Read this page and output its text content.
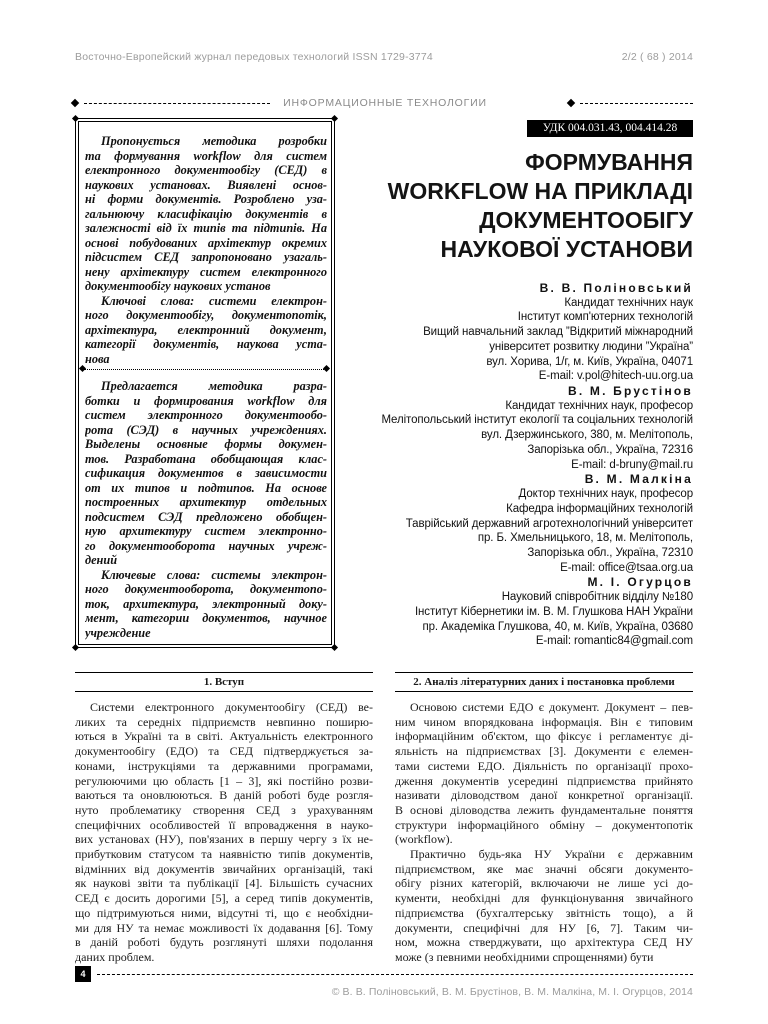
Восточно-Европейский журнал передовых технологий ISSN 1729-3774	2/2 ( 68 ) 2014
ИНФОРМАЦИОННЫЕ ТЕХНОЛОГИИ
Пропонується методика розробки
та формування workflow для систем
електронного документообігу (СЕД) в
наукових установах. Виявлені основ-
ні форми документів. Розроблено уза-
гальнюючу класифікацію документів в
залежності від їх типів та підтипів. На
основі побудованих архітектур окремих
підсистем СЕД запропоновано узагаль-
нену архітектуру систем електронного
документообігу наукових установ
Ключові слова: системи електрон-
ного документообігу, документопотік,
архітектура, електронний документ,
категорії документів, наукова уста-
нова
Предлагается методика разра-
ботки и формирования workflow для
систем электронного документообо-
рота (СЭД) в научных учреждениях.
Выделены основные формы докумен-
тов. Разработана обобщающая клас-
сификация документов в зависимости
от их типов и подтипов. На основе
построенных архитектур отдельных
подсистем СЭД предложено обобщен-
ную архитектуру систем электронно-
го документооборота научных учреж-
дений
Ключевые слова: системы электрон-
ного документооборота, документопо-
ток, архитектура, электронный доку-
мент, категории документов, научное
учреждение
УДК 004.031.43, 004.414.28
ФОРМУВАННЯ
WORKFLOW НА ПРИКЛАДІ
ДОКУМЕНТООБІГУ
НАУКОВОЇ УСТАНОВИ
В. В. Поліновський
Кандидат технічних наук
Інститут комп'ютерних технологій
Вищий навчальний заклад ”Відкритий міжнародний
університет розвитку людини ”Україна”
вул. Хорива, 1/г, м. Київ, Україна, 04071
E-mail: v.pol@hitech-uu.org.ua
В. М. Брустінов
Кандидат технічних наук, професор
Мелітопольський інститут екології та соціальних технологій
вул. Дзержинського, 380, м. Мелітополь,
Запорізька обл., Україна, 72316
E-mail: d-bruny@mail.ru
В. М. Малкіна
Доктор технічних наук, професор
Кафедра інформаційних технологій
Таврійський державний агротехнологічний університет
пр. Б. Хмельницького, 18, м. Мелітополь,
Запорізька обл., Україна, 72310
E-mail: office@tsaa.org.ua
М. І. Огурцов
Науковий співробітник відділу №180
Інститут Кібернетики ім. В. М. Глушкова НАН України
пр. Академіка Глушкова, 40, м. Київ, Україна, 03680
E-mail: romantic84@gmail.com
1. Вступ	2. Аналіз літературних даних і постановка проблеми
Системи електронного документообігу (СЕД) ве-
ликих та середніх підприємств невпинно поширю-
ються в Україні та в світі. Актуальність електронного
документообігу (ЕДО) та СЕД підтверджується за-
конами, інструкціями та державними програмами,
регулюючими цю область [1 – 3], які постійно розви-
ваються та оновлюються. В даній роботі буде розгля-
нуто проблематику створення СЕД з урахуванням
специфічних особливостей її впровадження в науко-
вих установах (НУ), пов'язаних в першу чергу з їх не-
прибутковим статусом та наявністю типів документів,
відмінних від документів звичайних організацій, такі
як наукові звіти та публікації [4]. Більшість сучасних
СЕД є досить дорогими [5], а серед типів документів,
що підтримуються ними, відсутні ті, що є необхідни-
ми для НУ та немає можливості їх додавання [6]. Тому
в даній роботі будуть розглянуті шляхи подолання
даних проблем.
Основою системи ЕДО є документ. Документ – пев-
ним чином впорядкована інформація. Він є типовим
інформаційним об'єктом, що фіксує і регламентує ді-
яльність на підприємствах [3]. Документи є елемен-
тами системи ЕДО. Діяльність по організації прохо-
дження документів усередині підприємства прийнято
називати діловодством даної конкретної організації.
В основі діловодства лежить фундаментальне поняття
структури інформаційного обміну – документопотік
(workflow).
Практично будь-яка НУ України є державним
підприємством, яке має значні обсяги документо-
обігу різних категорій, включаючи не лише усі до-
кументи, необхідні для функціонування звичайного
підприємства (бухгалтерську звітність тощо), а й
документи, специфічні для НУ [6, 7]. Таким чи-
ном, можна стверджувати, що архітектура СЕД НУ
може (з певними необхідними спрощеннями) бути
4
© В. В. Поліновський, В. М. Брустінов, В. М. Малкіна, М. І. Огурцов, 2014
